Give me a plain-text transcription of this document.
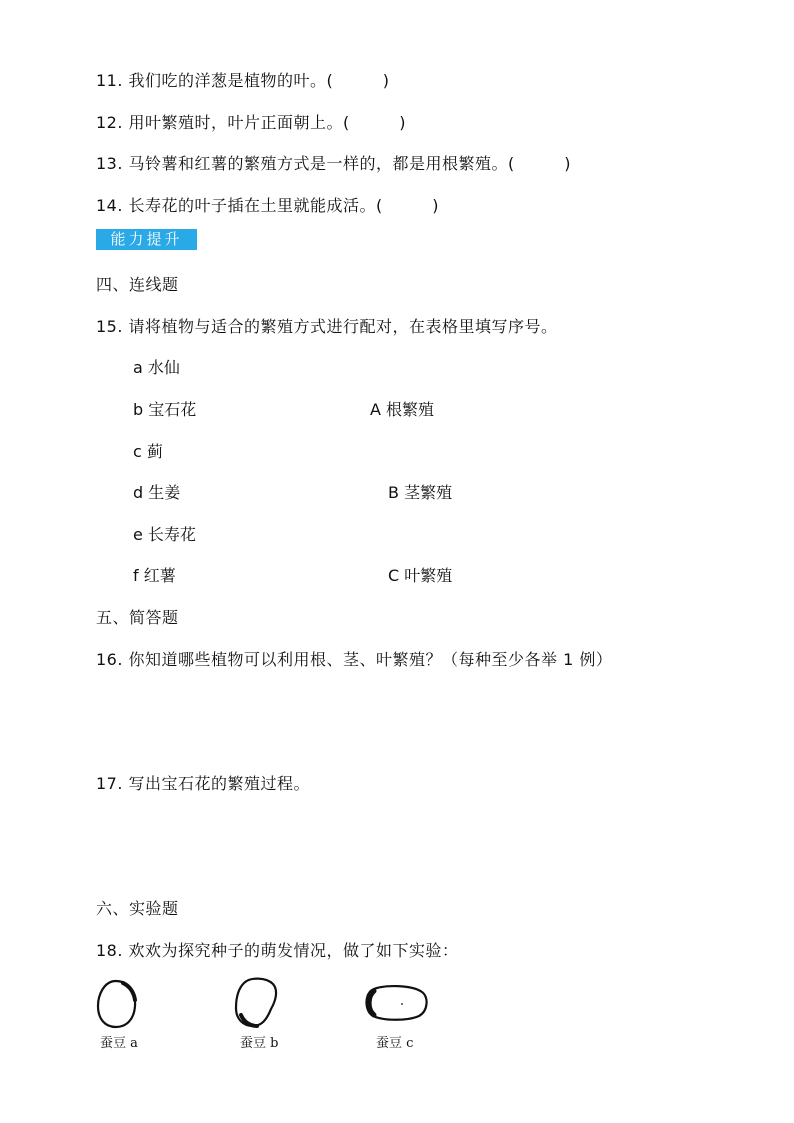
11. 我们吃的洋葱是植物的叶。(　　　)
12. 用叶繁殖时，叶片正面朝上。(　　　)
13. 马铃薯和红薯的繁殖方式是一样的，都是用根繁殖。(　　　)
14. 长寿花的叶子插在土里就能成活。(　　　)
能力提升
四、连线题
15. 请将植物与适合的繁殖方式进行配对，在表格里填写序号。
a 水仙
b 宝石花
c 蓟
d 生姜
e 长寿花
f 红薯
A 根繁殖
B 茎繁殖
C 叶繁殖
五、简答题
16. 你知道哪些植物可以利用根、茎、叶繁殖？（每种至少各举 1 例）
17. 写出宝石花的繁殖过程。
六、实验题
18. 欢欢为探究种子的萌发情况，做了如下实验：
蚕豆 a	蚕豆 b	蚕豆 c
